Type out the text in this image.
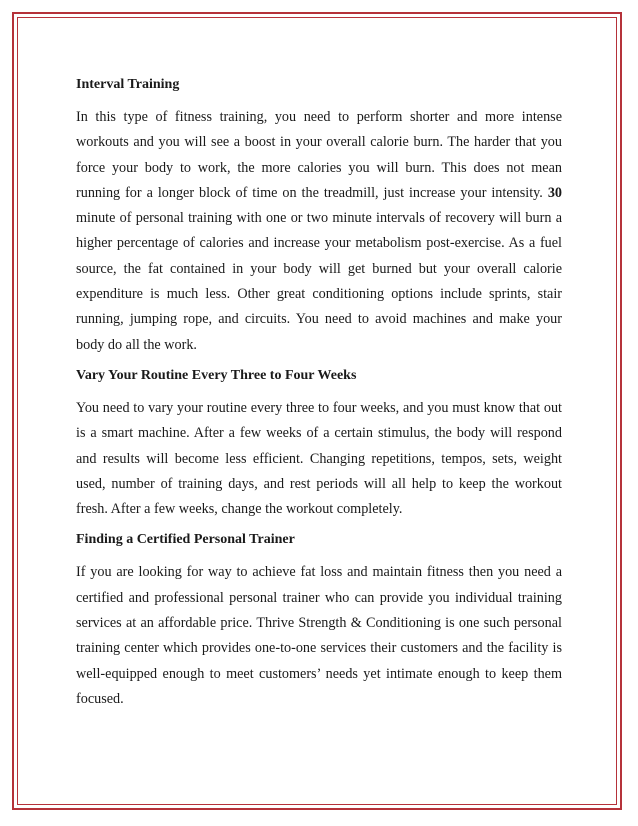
Interval Training

In this type of fitness training, you need to perform shorter and more intense workouts and you will see a boost in your overall calorie burn. The harder that you force your body to work, the more calories you will burn. This does not mean running for a longer block of time on the treadmill, just increase your intensity. 30 minute of personal training with one or two minute intervals of recovery will burn a higher percentage of calories and increase your metabolism post-exercise. As a fuel source, the fat contained in your body will get burned but your overall calorie expenditure is much less. Other great conditioning options include sprints, stair running, jumping rope, and circuits. You need to avoid machines and make your body do all the work.

Vary Your Routine Every Three to Four Weeks

You need to vary your routine every three to four weeks, and you must know that out is a smart machine. After a few weeks of a certain stimulus, the body will respond and results will become less efficient. Changing repetitions, tempos, sets, weight used, number of training days, and rest periods will all help to keep the workout fresh. After a few weeks, change the workout completely.

Finding a Certified Personal Trainer

If you are looking for way to achieve fat loss and maintain fitness then you need a certified and professional personal trainer who can provide you individual training services at an affordable price. Thrive Strength & Conditioning is one such personal training center which provides one-to-one services their customers and the facility is well-equipped enough to meet customers’ needs yet intimate enough to keep them focused.
